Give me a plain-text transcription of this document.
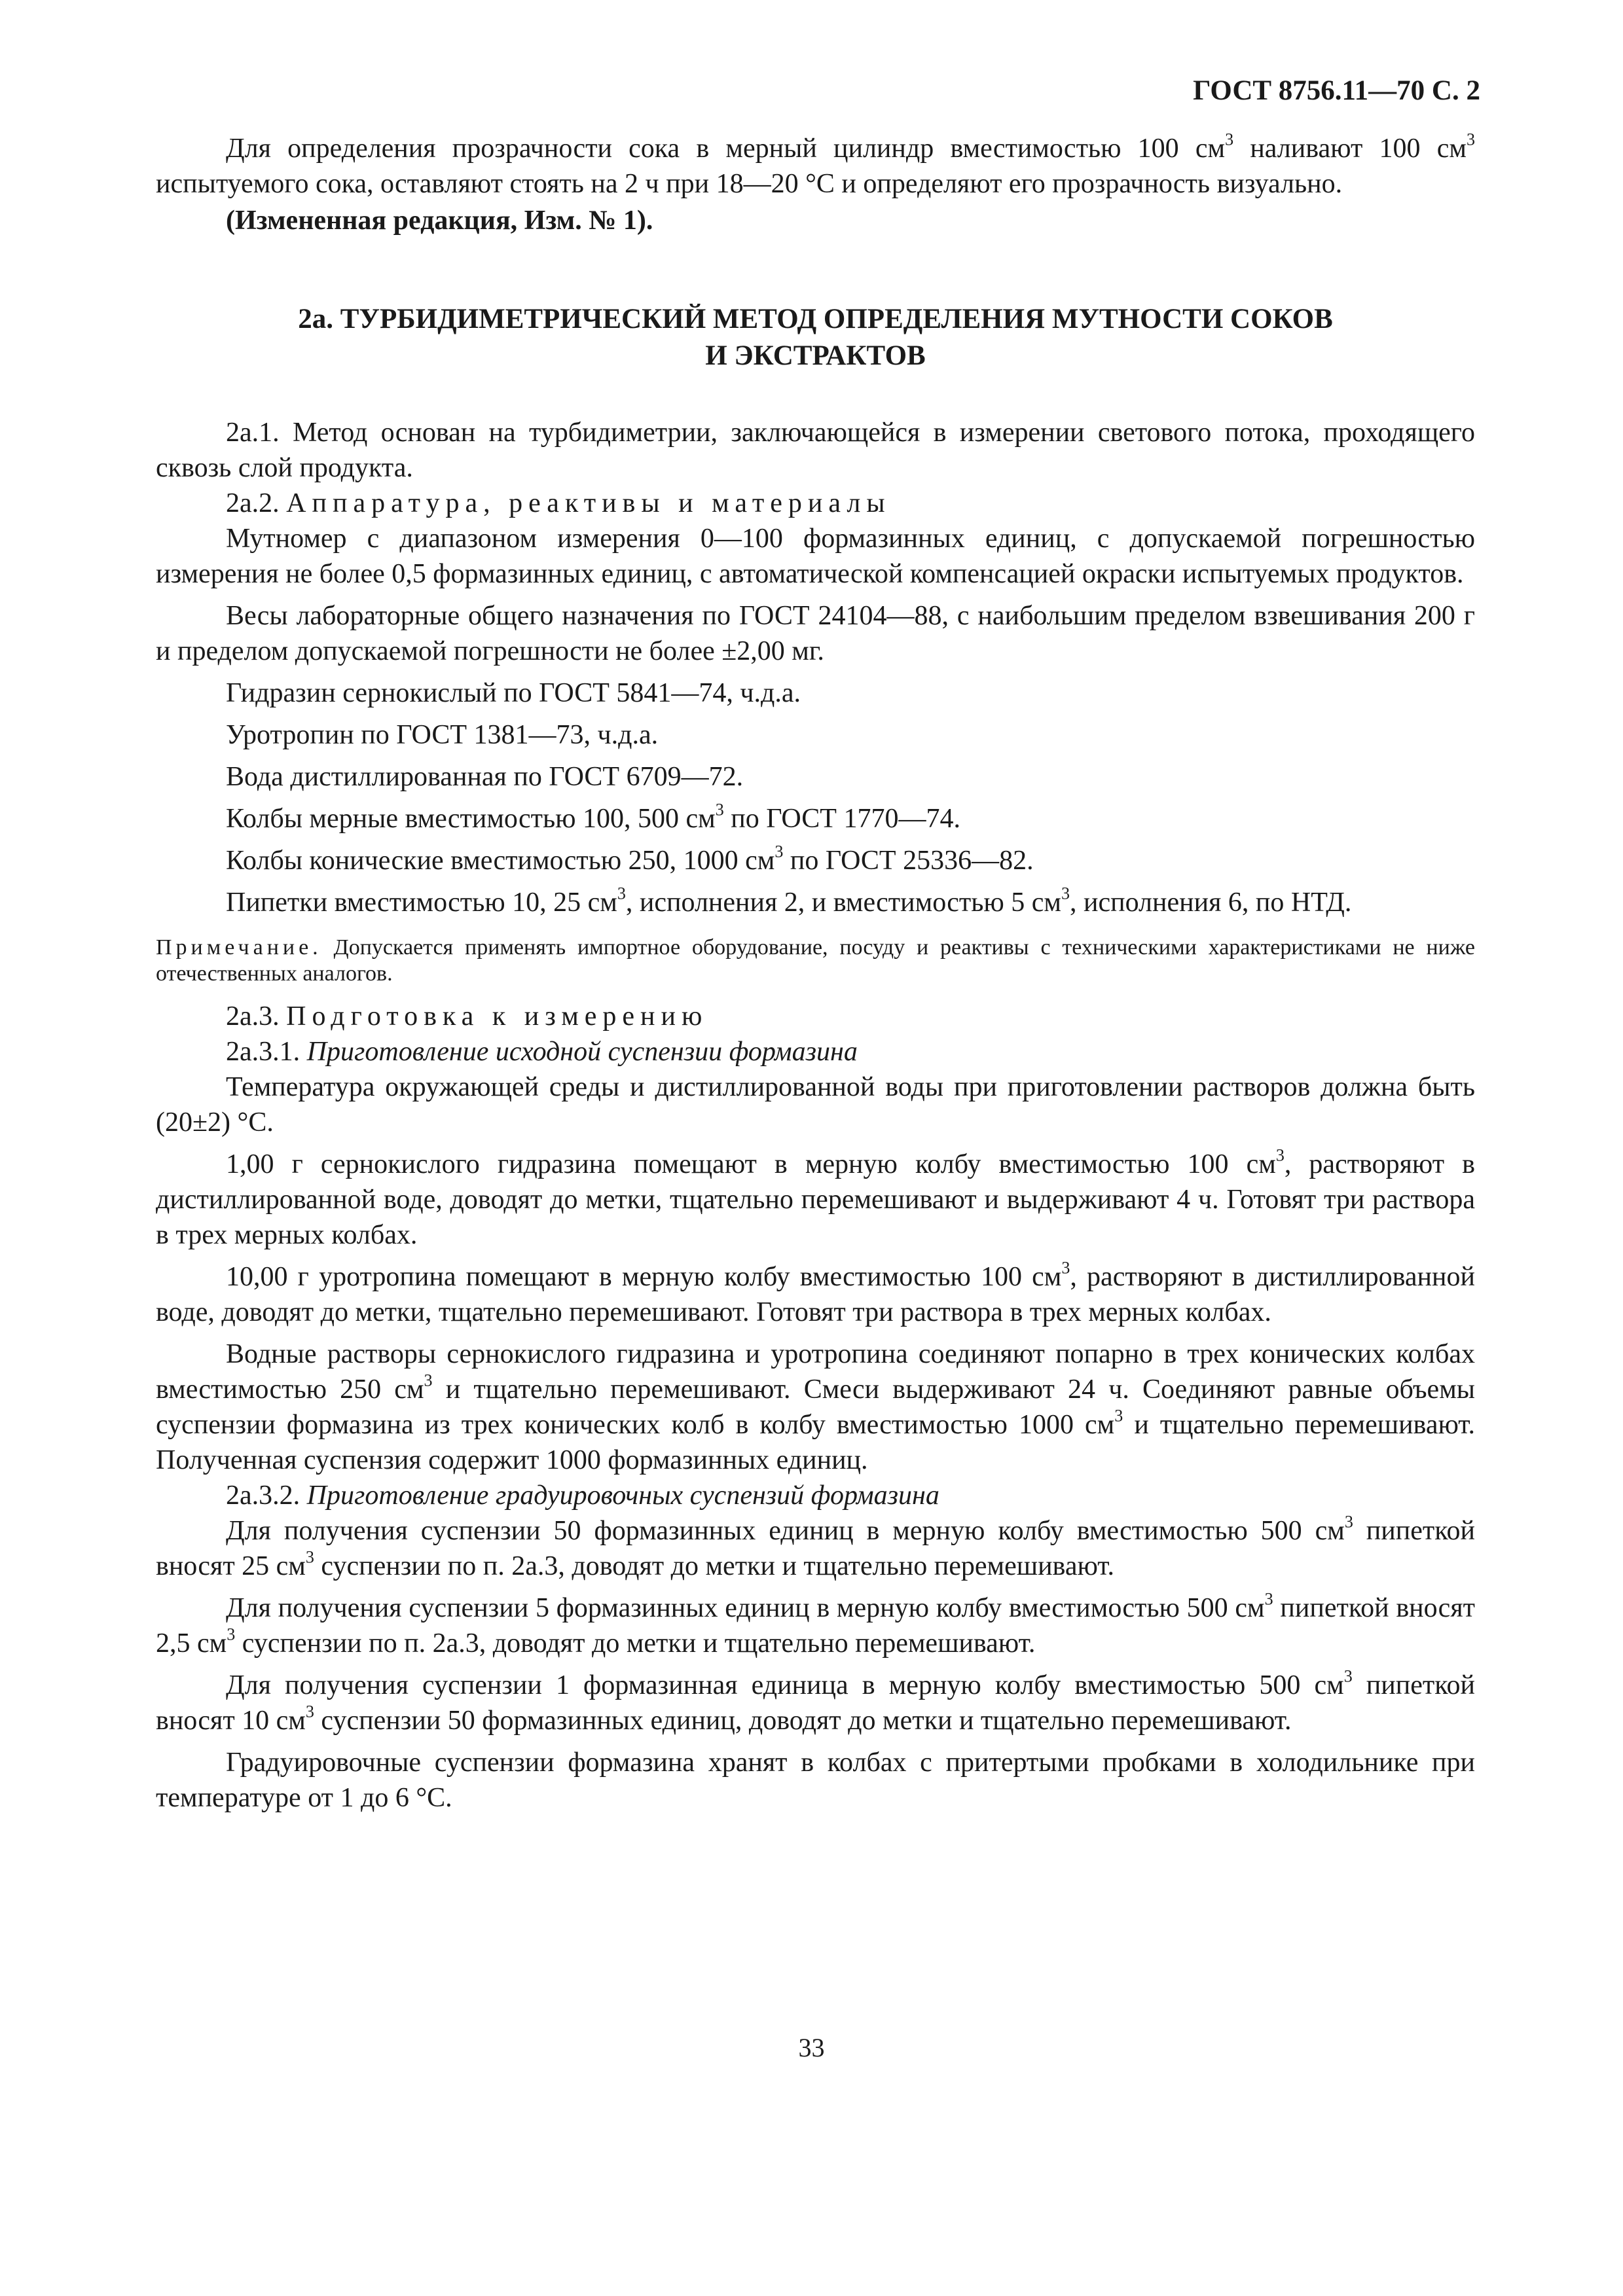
ГОСТ 8756.11—70 С. 2

Для определения прозрачности сока в мерный цилиндр вместимостью 100 $см^3$ наливают 100 $см^3$ испытуемого сока, оставляют стоять на 2 ч при 18—20 °С и определяют его прозрачность визуально.

(Измененная редакция, Изм. № 1).

2а. ТУРБИДИМЕТРИЧЕСКИЙ МЕТОД ОПРЕДЕЛЕНИЯ МУТНОСТИ СОКОВ
И ЭКСТРАКТОВ

2а.1. Метод основан на турбидиметрии, заключающейся в измерении светового потока, проходящего сквозь слой продукта.

2а.2. Аппаратура, реактивы и материалы

Мутномер с диапазоном измерения 0—100 формазинных единиц, с допускаемой погрешностью измерения не более 0,5 формазинных единиц, с автоматической компенсацией окраски испытуемых продуктов.

Весы лабораторные общего назначения по ГОСТ 24104—88, с наибольшим пределом взвешивания 200 г и пределом допускаемой погрешности не более ±2,00 мг.

Гидразин сернокислый по ГОСТ 5841—74, ч.д.а.

Уротропин по ГОСТ 1381—73, ч.д.а.

Вода дистиллированная по ГОСТ 6709—72.

Колбы мерные вместимостью 100, 500 $см^3$ по ГОСТ 1770—74.

Колбы конические вместимостью 250, 1000 $см^3$ по ГОСТ 25336—82.

Пипетки вместимостью 10, 25 $см^3$, исполнения 2, и вместимостью 5 $см^3$, исполнения 6, по НТД.

Примечание. Допускается применять импортное оборудование, посуду и реактивы с техническими характеристиками не ниже отечественных аналогов.

2а.3. Подготовка к измерению

2а.3.1. Приготовление исходной суспензии формазина

Температура окружающей среды и дистиллированной воды при приготовлении растворов должна быть (20±2) °С.

1,00 г сернокислого гидразина помещают в мерную колбу вместимостью 100 $см^3$, растворяют в дистиллированной воде, доводят до метки, тщательно перемешивают и выдерживают 4 ч. Готовят три раствора в трех мерных колбах.

10,00 г уротропина помещают в мерную колбу вместимостью 100 $см^3$, растворяют в дистиллированной воде, доводят до метки, тщательно перемешивают. Готовят три раствора в трех мерных колбах.

Водные растворы сернокислого гидразина и уротропина соединяют попарно в трех конических колбах вместимостью 250 $см^3$ и тщательно перемешивают. Смеси выдерживают 24 ч. Соединяют равные объемы суспензии формазина из трех конических колб в колбу вместимостью 1000 $см^3$ и тщательно перемешивают. Полученная суспензия содержит 1000 формазинных единиц.

2а.3.2. Приготовление градуировочных суспензий формазина

Для получения суспензии 50 формазинных единиц в мерную колбу вместимостью 500 $см^3$ пипеткой вносят 25 $см^3$ суспензии по п. 2а.3, доводят до метки и тщательно перемешивают.

Для получения суспензии 5 формазинных единиц в мерную колбу вместимостью 500 $см^3$ пипеткой вносят 2,5 $см^3$ суспензии по п. 2а.3, доводят до метки и тщательно перемешивают.

Для получения суспензии 1 формазинная единица в мерную колбу вместимостью 500 $см^3$ пипеткой вносят 10 $см^3$ суспензии 50 формазинных единиц, доводят до метки и тщательно перемешивают.

Градуировочные суспензии формазина хранят в колбах с притертыми пробками в холодильнике при температуре от 1 до 6 °С.

33
